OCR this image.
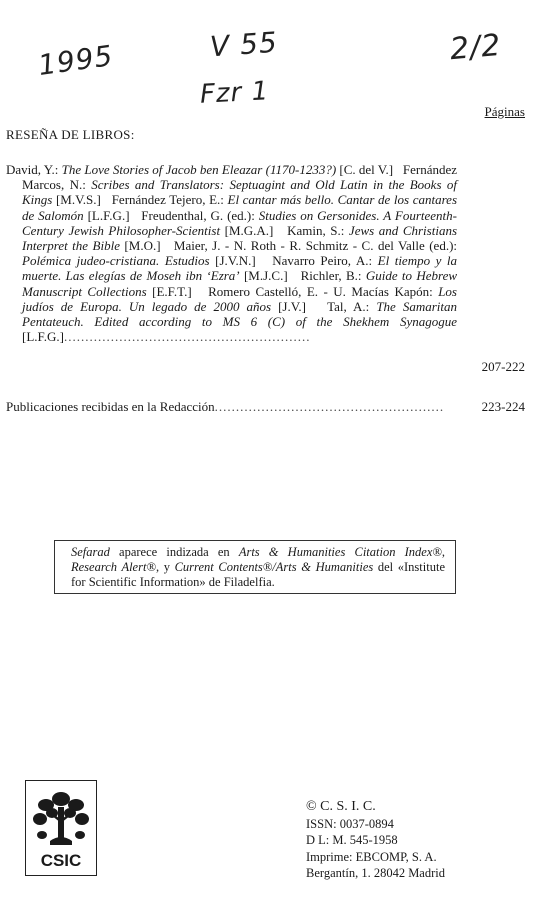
1995	V 55
Fzr 1
2/2
Páginas
RESEÑA DE LIBROS:

David, Y.: The Love Stories of Jacob ben Eleazar (1170-1233?) [C. del V.] Fernández Marcos, N.: Scribes and Translators: Septuagint and Old Latin in the Books of Kings [M.V.S.] Fernández Tejero, E.: El cantar más bello. Cantar de los cantares de Salomón [L.F.G.] Freudenthal, G. (ed.): Studies on Gersonides. A Fourteenth-Century Jewish Philosopher-Scientist [M.G.A.] Kamin, S.: Jews and Christians Interpret the Bible [M.O.] Maier, J. - N. Roth - R. Schmitz - C. del Valle (ed.): Polémica judeo-cristiana. Estudios [J.V.N.] Navarro Peiro, A.: El tiempo y la muerte. Las elegías de Moseh ibn ‘Ezra’ [M.J.C.] Richler, B.: Guide to Hebrew Manuscript Collections [E.F.T.] Romero Castelló, E. - U. Macías Kapón: Los judíos de Europa. Un legado de 2000 años [J.V.] Tal, A.: The Samaritan Pentateuch. Edited according to MS 6 (C) of the Shekhem Synagogue [L.F.G.]..........................................................

207-222
Publicaciones recibidas en la Redacción......................................................	223-224
Sefarad aparece indizada en Arts & Humanities Citation Index®, Research Alert®, y Current Contents®/Arts & Humanities del «Institute for Scientific Information» de Filadelfia.
CSIC
© C. S. I. C.
ISSN: 0037-0894
D L: M. 545-1958
Imprime: EBCOMP, S. A.
Bergantín, 1. 28042 Madrid
